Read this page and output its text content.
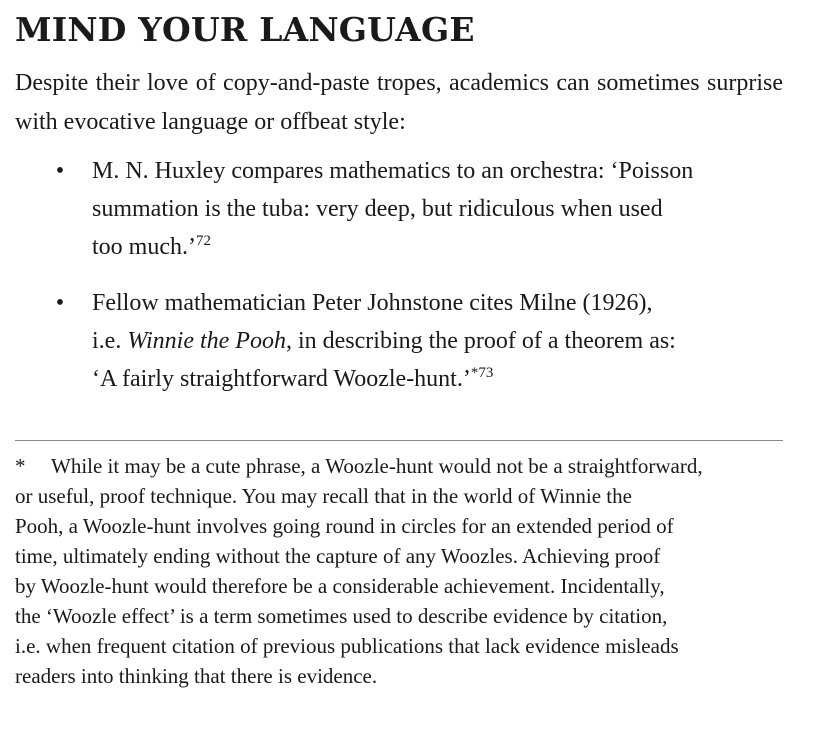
MIND YOUR LANGUAGE

Despite their love of copy-and-paste tropes, academics can sometimes surprise with evocative language or offbeat style:

• M. N. Huxley compares mathematics to an orchestra: ‘Poisson
summation is the tuba: very deep, but ridiculous when used
too much.’$^{72}$
• Fellow mathematician Peter Johnstone cites Milne (1926),
i.e. Winnie the Pooh, in describing the proof of a theorem as:
‘A fairly straightforward Woozle-hunt.’$^{*73}$
* While it may be a cute phrase, a Woozle-hunt would not be a straightforward,
or useful, proof technique. You may recall that in the world of Winnie the
Pooh, a Woozle-hunt involves going round in circles for an extended period of
time, ultimately ending without the capture of any Woozles. Achieving proof
by Woozle-hunt would therefore be a considerable achievement. Incidentally,
the ‘Woozle effect’ is a term sometimes used to describe evidence by citation,
i.e. when frequent citation of previous publications that lack evidence misleads
readers into thinking that there is evidence.
